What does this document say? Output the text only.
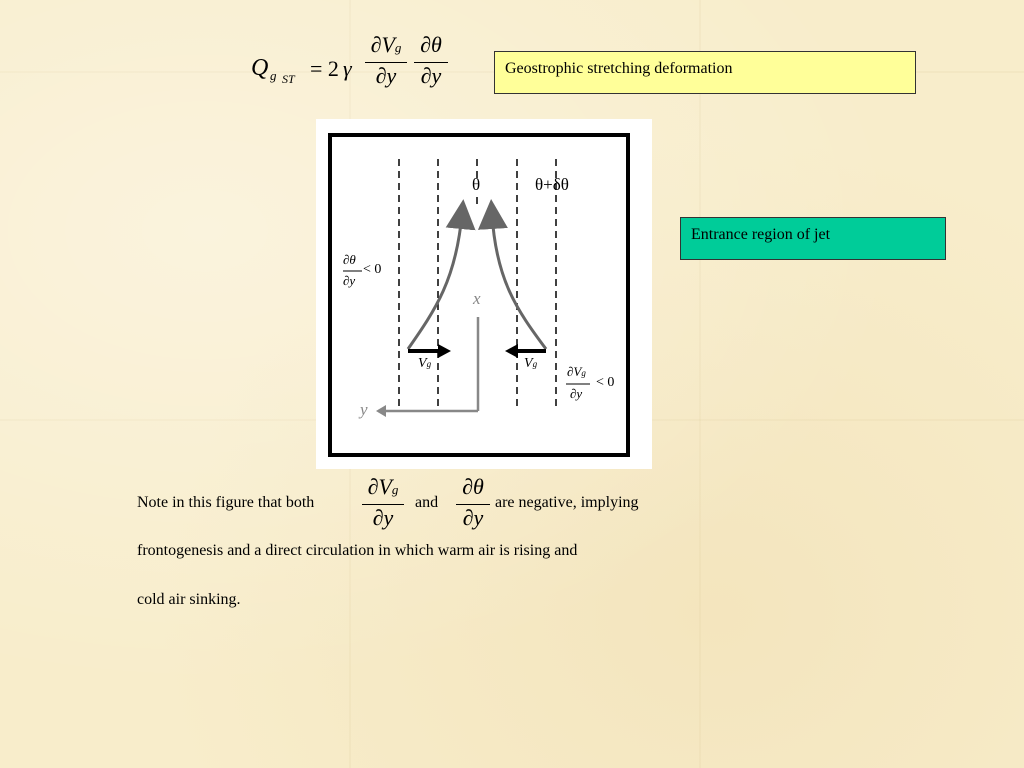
Q g ST = 2 γ
∂Vg
∂y
∂θ
∂y	Geostrophic stretching deformation
Entrance region of jet
θ	θ+δθ
x
y
Vg	Vg
∂θ
∂y
< 0
∂Vg
∂y
< 0
Note in this figure that both
∂Vg
∂y
and
∂θ
∂y
are negative, implying
frontogenesis and a direct circulation in which warm air is rising and
cold air sinking.
